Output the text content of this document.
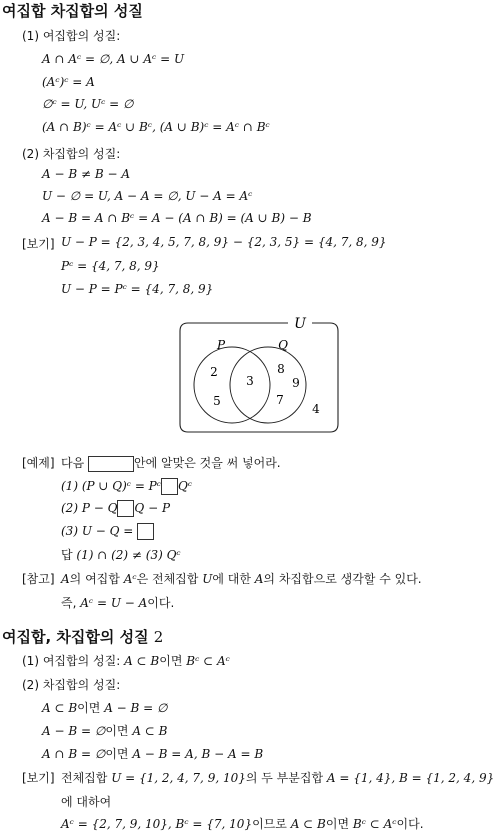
여집합 차집합의 성질
(1) 여집합의 성질:
A ∩ Aᶜ = ∅, A ∪ Aᶜ = U
(Aᶜ)ᶜ = A
∅ᶜ = U, Uᶜ = ∅
(A ∩ B)ᶜ = Aᶜ ∪ Bᶜ, (A ∪ B)ᶜ = Aᶜ ∩ Bᶜ
(2) 차집합의 성질:
A − B ≠ B − A
U − ∅ = U, A − A = ∅, U − A = Aᶜ
A − B = A ∩ Bᶜ = A − (A ∩ B) = (A ∪ B) − B
[보기] U − P = {2, 3, 4, 5, 7, 8, 9} − {2, 3, 5} = {4, 7, 8, 9}
Pᶜ = {4, 7, 8, 9}
U − P = Pᶜ = {4, 7, 8, 9}
U
P	Q
2
5
3
8
9
7
4
[예제] 다음	안에 알맞은 것을 써 넣어라.
(1) (P ∪ Q)ᶜ = Pᶜ Qᶜ
(2) P − Q Q − P
(3) U − Q =
답 (1) ∩ (2) ≠ (3) Qᶜ
[참고] A의 여집합 Aᶜ은 전체집합 U에 대한 A의 차집합으로 생각할 수 있다.
즉, Aᶜ = U − A이다.
여집합, 차집합의 성질 2
(1) 여집합의 성질: A ⊂ B이면 Bᶜ ⊂ Aᶜ
(2) 차집합의 성질:
A ⊂ B이면 A − B = ∅
A − B = ∅이면 A ⊂ B
A ∩ B = ∅이면 A − B = A, B − A = B
[보기] 전체집합 U = {1, 2, 4, 7, 9, 10}의 두 부분집합 A = {1, 4}, B = {1, 2, 4, 9}
에 대하여
Aᶜ = {2, 7, 9, 10}, Bᶜ = {7, 10}이므로 A ⊂ B이면 Bᶜ ⊂ Aᶜ이다.
